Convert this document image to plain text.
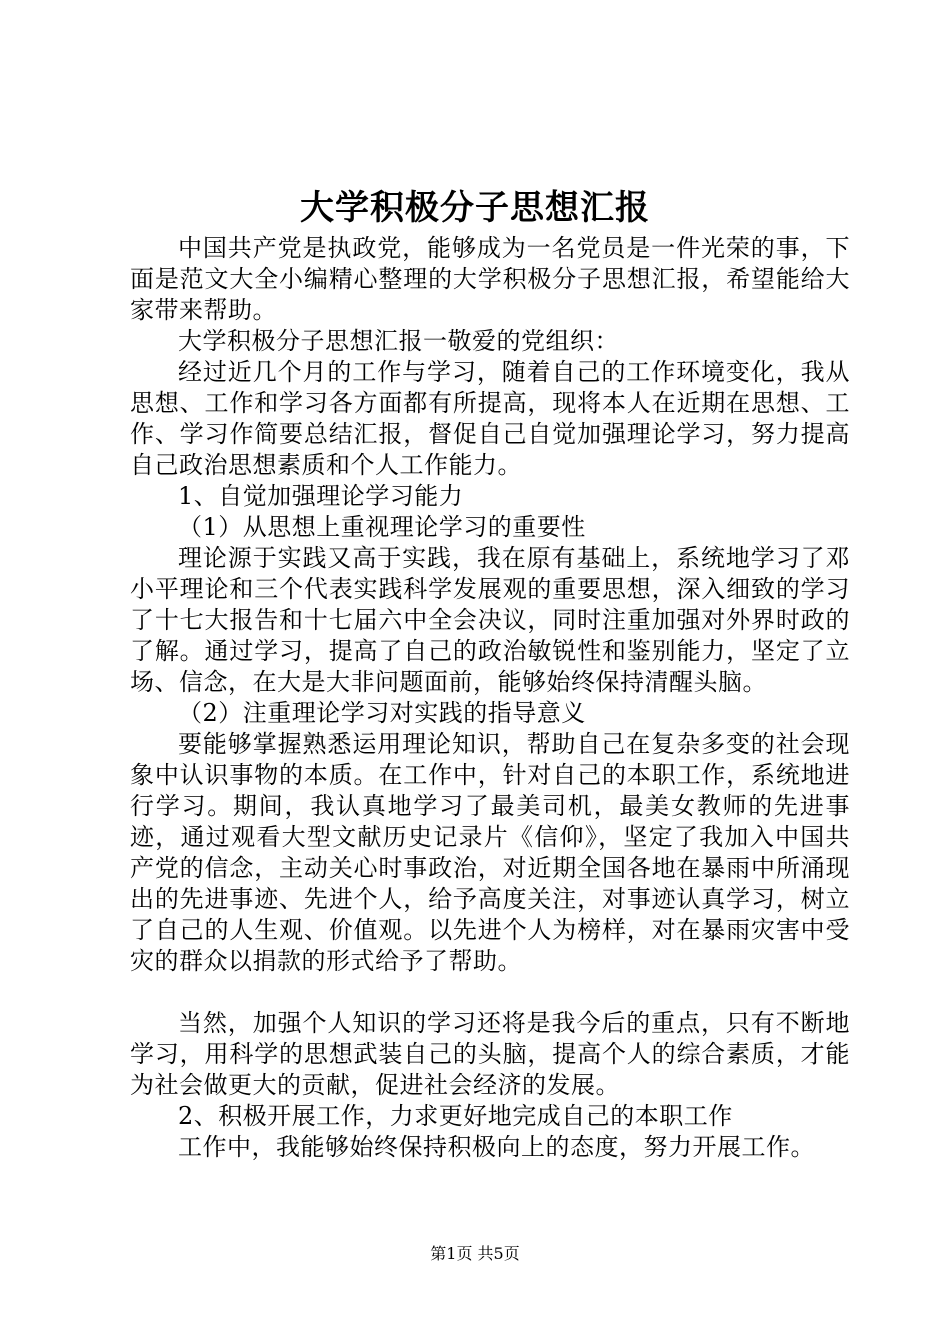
大学积极分子思想汇报

中国共产党是执政党，能够成为一名党员是一件光荣的事，下面是范文大全小编精心整理的大学积极分子思想汇报，希望能给大家带来帮助。

大学积极分子思想汇报一敬爱的党组织：

经过近几个月的工作与学习，随着自己的工作环境变化，我从思想、工作和学习各方面都有所提高，现将本人在近期在思想、工作、学习作简要总结汇报，督促自己自觉加强理论学习，努力提高自己政治思想素质和个人工作能力。

1、自觉加强理论学习能力

（1）从思想上重视理论学习的重要性

理论源于实践又高于实践，我在原有基础上，系统地学习了邓小平理论和三个代表实践科学发展观的重要思想，深入细致的学习了十七大报告和十七届六中全会决议，同时注重加强对外界时政的了解。通过学习，提高了自己的政治敏锐性和鉴别能力，坚定了立场、信念，在大是大非问题面前，能够始终保持清醒头脑。

（2）注重理论学习对实践的指导意义

要能够掌握熟悉运用理论知识，帮助自己在复杂多变的社会现象中认识事物的本质。在工作中，针对自己的本职工作，系统地进行学习。期间，我认真地学习了最美司机，最美女教师的先进事迹，通过观看大型文献历史记录片《信仰》，坚定了我加入中国共产党的信念，主动关心时事政治，对近期全国各地在暴雨中所涌现出的先进事迹、先进个人，给予高度关注，对事迹认真学习，树立了自己的人生观、价值观。以先进个人为榜样，对在暴雨灾害中受灾的群众以捐款的形式给予了帮助。

当然，加强个人知识的学习还将是我今后的重点，只有不断地学习，用科学的思想武装自己的头脑，提高个人的综合素质，才能为社会做更大的贡献，促进社会经济的发展。

2、积极开展工作，力求更好地完成自己的本职工作

工作中，我能够始终保持积极向上的态度，努力开展工作。

第1页 共5页
